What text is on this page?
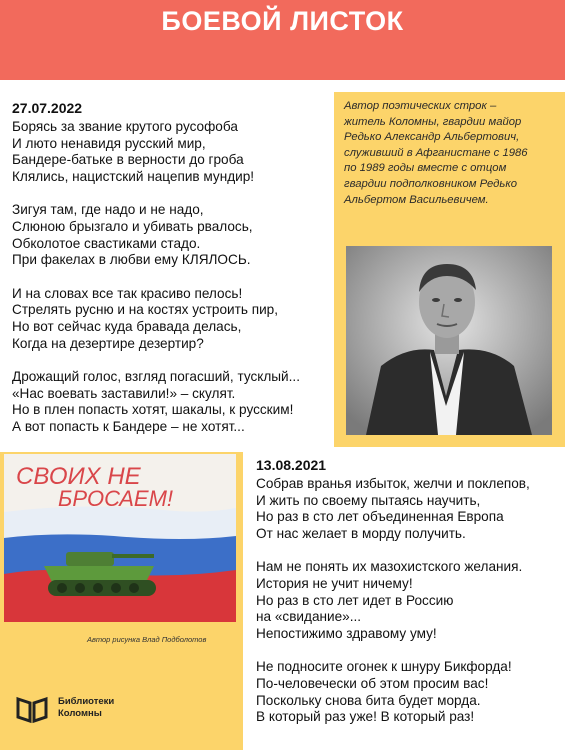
БОЕВОЙ ЛИСТОК
27.07.2022
Борясь за звание крутого русофоба
И люто ненавидя русский мир,
Бандере-батьке в верности до гроба
Клялись, нацистский нацепив мундир!
Зигуя там, где надо и не надо,
Слюною брызгало и убивать рвалось,
Обколотое свастиками стадо.
При факелах в любви ему КЛЯЛОСЬ.
И на словах все так красиво пелось!
Стрелять русню и на костях устроить пир,
Но вот сейчас куда бравада делась,
Когда на дезертире дезертир?
Дрожащий голос, взгляд погасший, тусклый...
«Нас воевать заставили!» – скулят.
Но в плен попасть хотят, шакалы, к русским!
А вот попасть к Бандере – не хотят...
Автор поэтических строк –
житель Коломны, гвардии майор
Редько Александр Альбертович,
служивший в Афганистане с 1986
по 1989 годы вместе с отцом
гвардии подполковником Редько
Альбертом Васильевичем.
СВОИХ НЕ
БРОСАЕМ!
Автор рисунка Влад Подболотов
Библиотеки
Коломны
13.08.2021
Собрав вранья избыток, желчи и поклепов,
И жить по своему пытаясь научить,
Но раз в сто лет объединенная Европа
От нас желает в морду получить.
Нам не понять их мазохистского желания.
История не учит ничему!
Но раз в сто лет идет в Россию
на «свидание»...
Непостижимо здравому уму!
Не подносите огонек к шнуру Бикфорда!
По-человечески об этом просим вас!
Поскольку снова бита будет морда.
В который раз уже! В который раз!
